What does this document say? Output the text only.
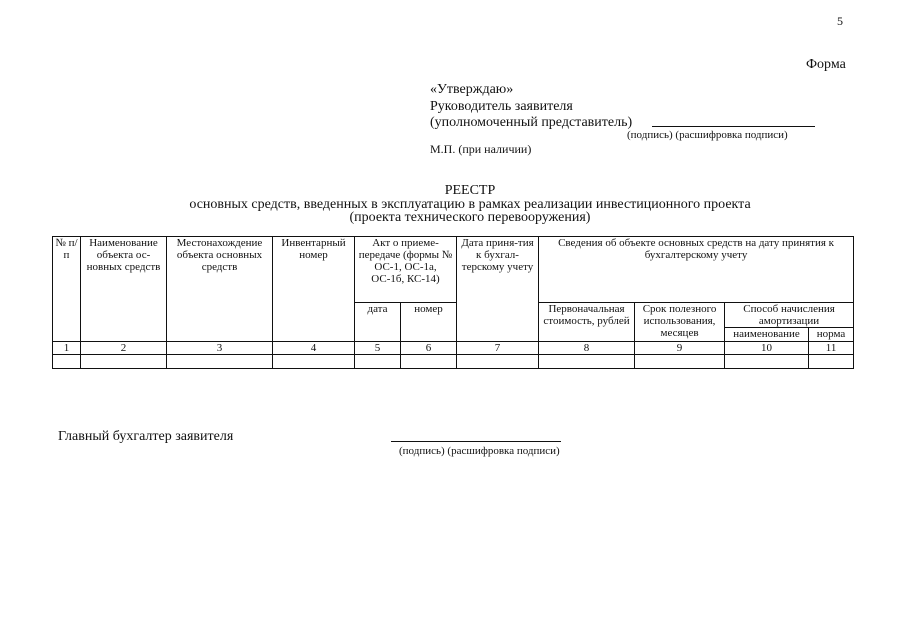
5
Форма
«Утверждаю»
Руководитель заявителя
(уполномоченный представитель)
(подпись) (расшифровка подписи)
М.П. (при наличии)
РЕЕСТР
основных средств, введенных в эксплуатацию в рамках реализации инвестиционного проекта
(проекта технического перевооружения)
№ п/п	Наименование объекта ос-новных средств	Местонахождение объекта основных средств	Инвентарный номер	Акт о приеме-передаче (формы № ОС-1, ОС-1а, ОС-1б, КС-14)		Дата приня-тия к бухгал-терскому учету	Сведения об объекте основных средств на дату принятия к бухгалтерскому учету			
				дата	номер		Первоначальная стоимость, рублей	Срок полезного использования, месяцев	Способ начисления амортизации	
									наименование	норма
1	2	3	4	5	6	7	8	9	10	11

Главный бухгалтер заявителя
(подпись) (расшифровка подписи)
